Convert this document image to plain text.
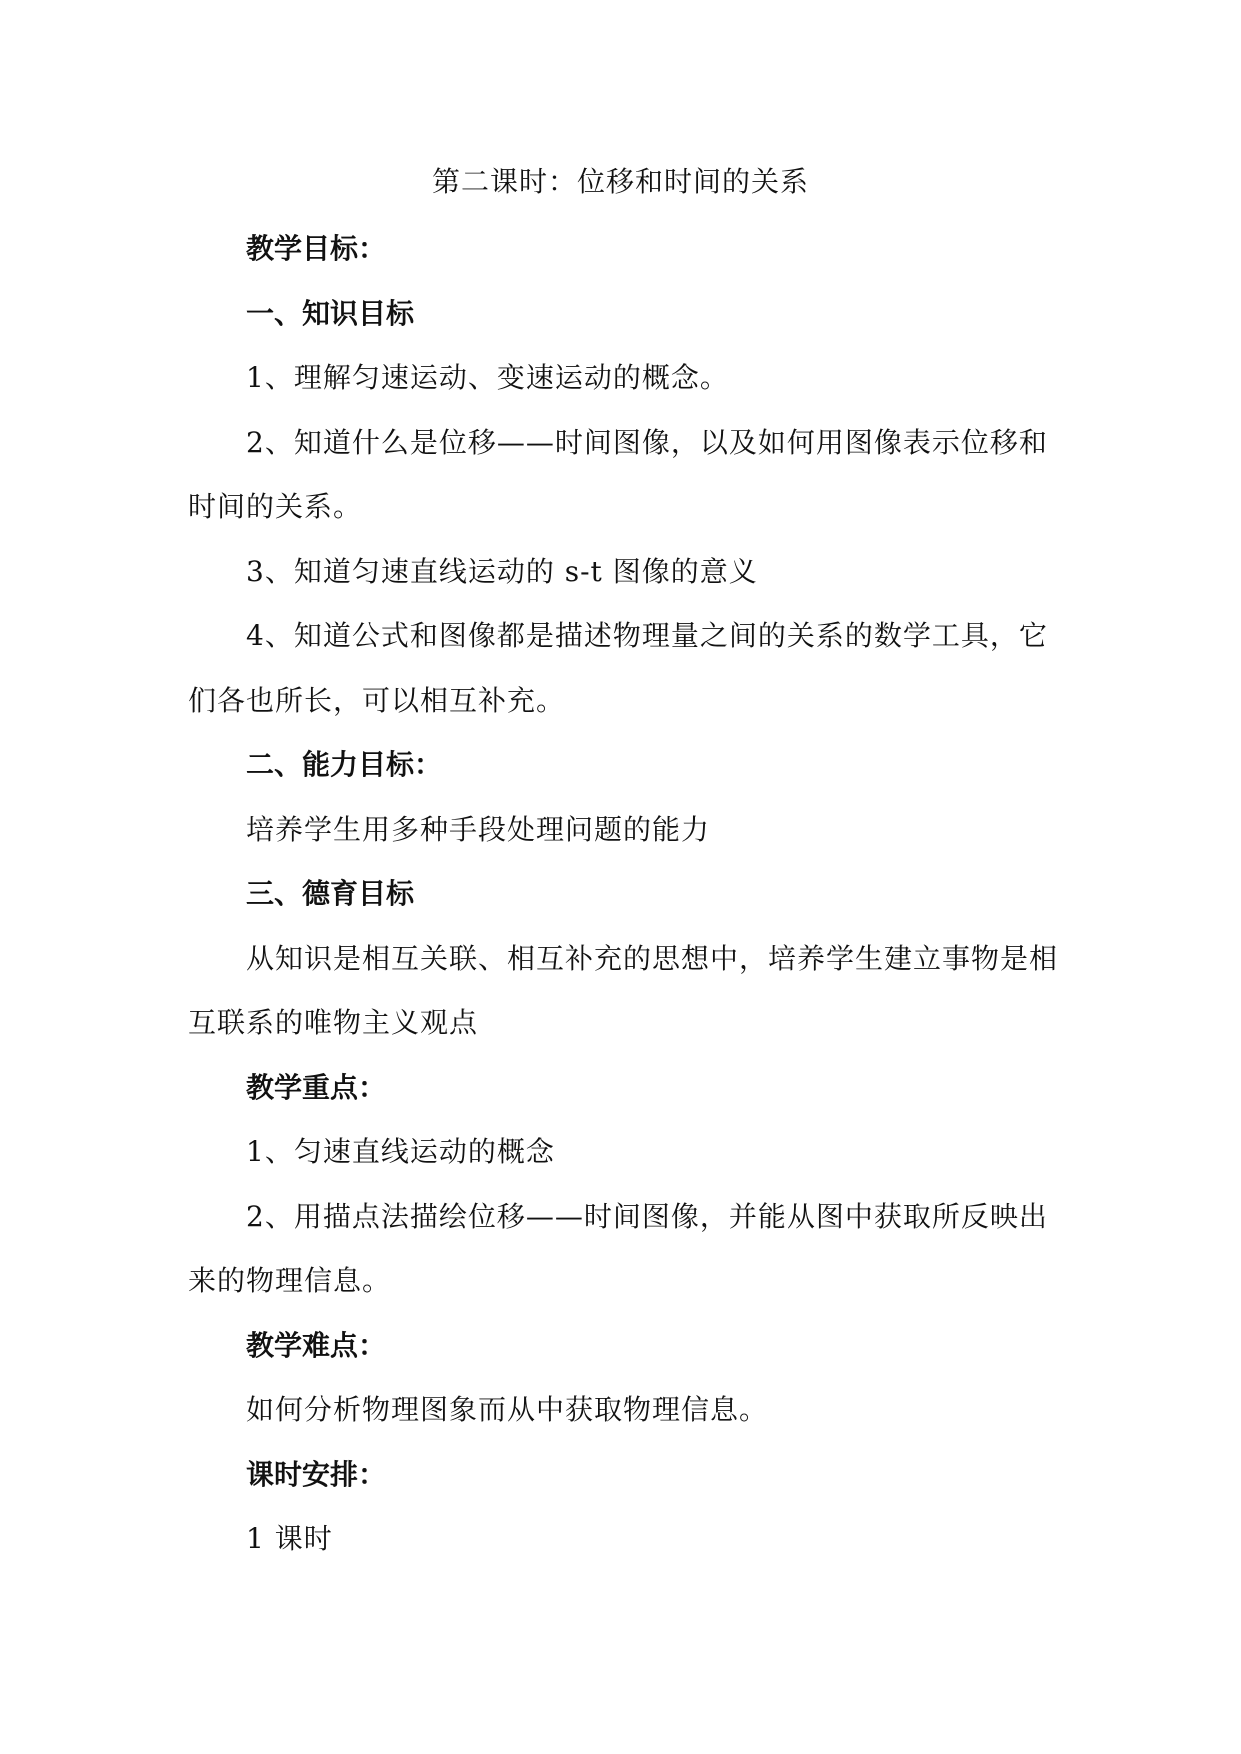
第二课时：位移和时间的关系
教学目标：
一、知识目标
1、理解匀速运动、变速运动的概念。
2、知道什么是位移——时间图像，以及如何用图像表示位移和
时间的关系。
3、知道匀速直线运动的 s-t 图像的意义
4、知道公式和图像都是描述物理量之间的关系的数学工具，它
们各也所长，可以相互补充。
二、能力目标：
培养学生用多种手段处理问题的能力
三、德育目标
从知识是相互关联、相互补充的思想中，培养学生建立事物是相
互联系的唯物主义观点
教学重点：
1、匀速直线运动的概念
2、用描点法描绘位移——时间图像，并能从图中获取所反映出
来的物理信息。
教学难点：
如何分析物理图象而从中获取物理信息。
课时安排：
1 课时
